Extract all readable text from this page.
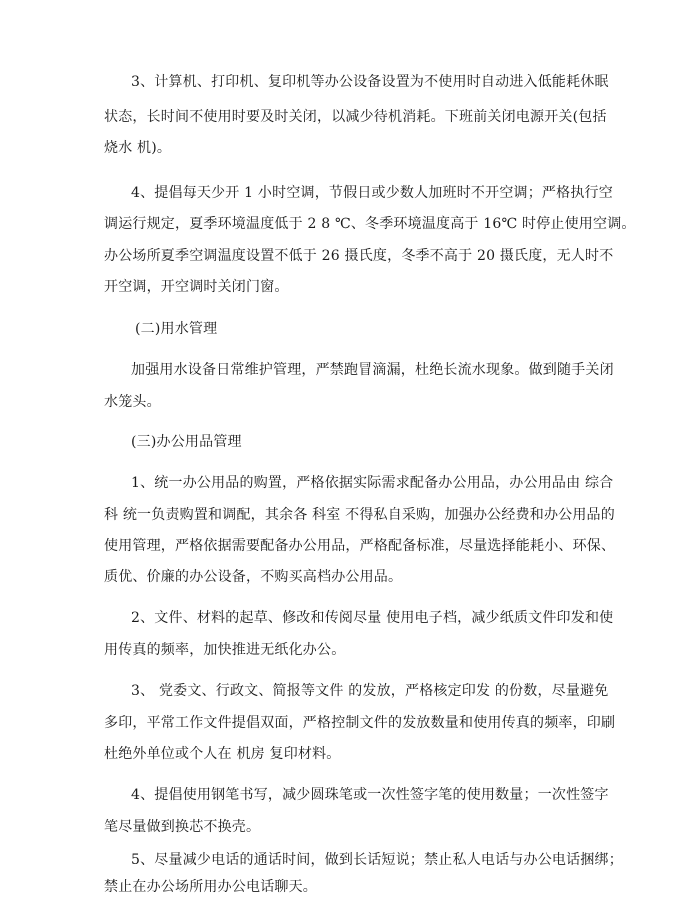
3、计算机、打印机、复印机等办公设备设置为不使用时自动进入低能耗休眠
状态，长时间不使用时要及时关闭，以减少待机消耗。下班前关闭电源开关(包括
烧水 机)。
4、提倡每天少开 1 小时空调，节假日或少数人加班时不开空调；严格执行空
调运行规定，夏季环境温度低于 2 8 ℃、冬季环境温度高于 16℃ 时停止使用空调。
办公场所夏季空调温度设置不低于 26 摄氏度，冬季不高于 20 摄氏度，无人时不
开空调，开空调时关闭门窗。
(二)用水管理
加强用水设备日常维护管理，严禁跑冒滴漏，杜绝长流水现象。做到随手关闭
水笼头。
(三)办公用品管理
1、统一办公用品的购置，严格依据实际需求配备办公用品，办公用品由 综合
科 统一负责购置和调配，其余各 科室 不得私自采购，加强办公经费和办公用品的
使用管理，严格依据需要配备办公用品，严格配备标准，尽量选择能耗小、环保、
质优、价廉的办公设备，不购买高档办公用品。
2、文件、材料的起草、修改和传阅尽量 使用电子档，减少纸质文件印发和使
用传真的频率，加快推进无纸化办公。
3、 党委文、行政文、简报等文件 的发放，严格核定印发 的份数，尽量避免
多印，平常工作文件提倡双面，严格控制文件的发放数量和使用传真的频率，印刷
杜绝外单位或个人在 机房 复印材料。
4、提倡使用钢笔书写，减少圆珠笔或一次性签字笔的使用数量；一次性签字
笔尽量做到换芯不换壳。
5、尽量减少电话的通话时间，做到长话短说；禁止私人电话与办公电话捆绑；
禁止在办公场所用办公电话聊天。
